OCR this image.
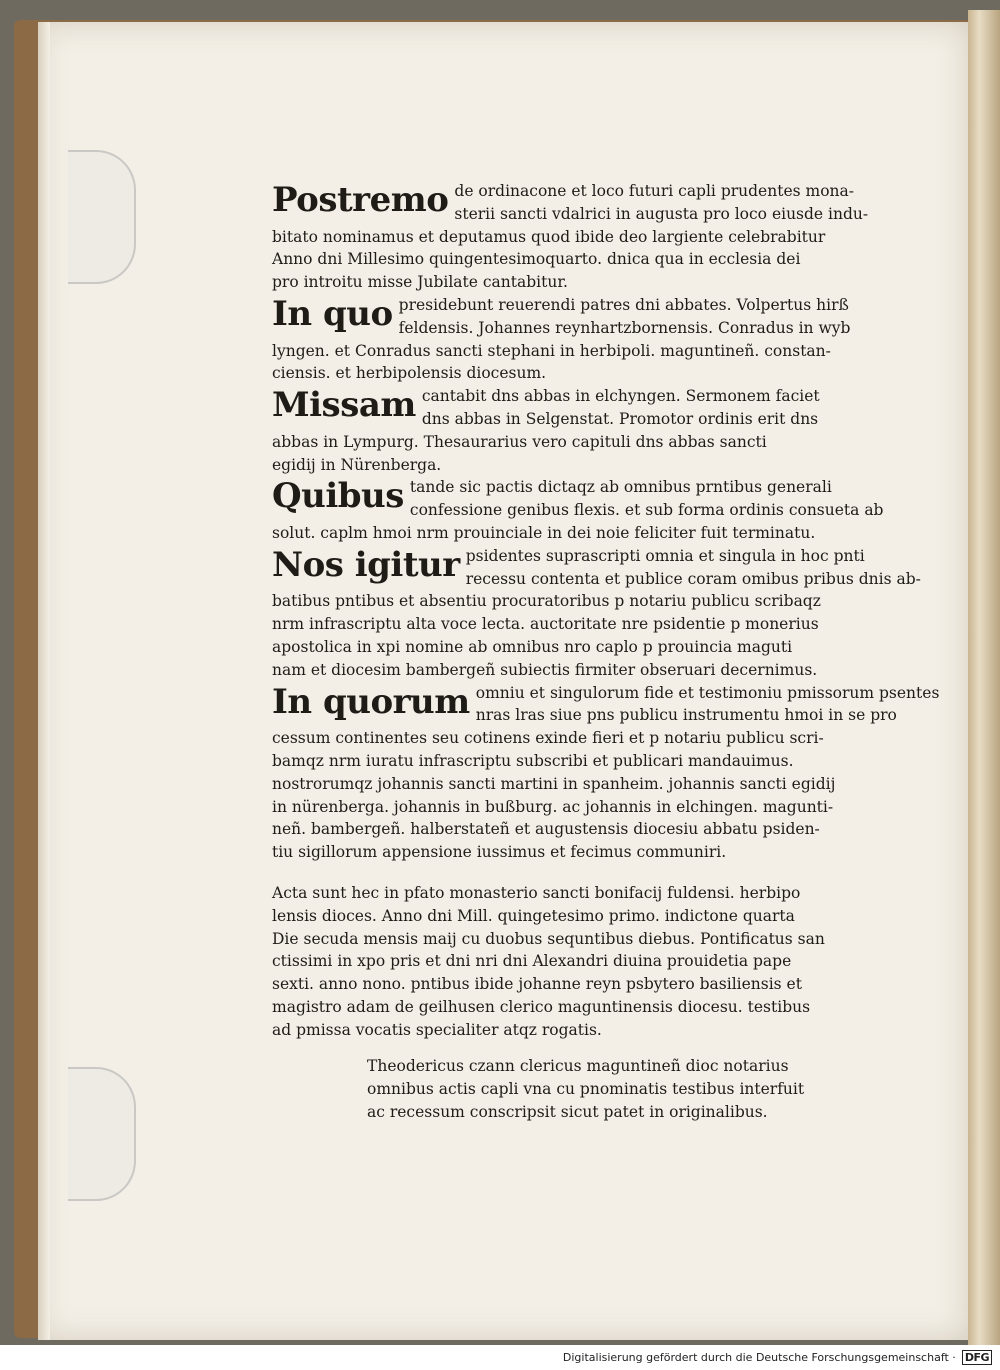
Postremo de ordinacone et loco futuri capli prudentes mona‐
sterii sancti vdalrici in augusta pro loco eiusde indu‐
bitato nominamus et deputamus quod ibide deo largiente celebrabitur
Anno dni Millesimo quingentesimoquarto. dnica qua in ecclesia dei
pro introitu misse Jubilate cantabitur.
In quo presidebunt reuerendi patres dni abbates. Volpertus hirß
feldensis. Johannes reynhartzbornensis. Conradus in wyb
lyngen. et Conradus sancti stephani in herbipoli. maguntineñ. constan‐
ciensis. et herbipolensis diocesum.
Missam cantabit dns abbas in elchyngen. Sermonem faciet
dns abbas in Selgenstat. Promotor ordinis erit dns
abbas in Lympurg. Thesaurarius vero capituli dns abbas sancti
egidij in Nürenberga.
Quibus tande sic pactis dictaqz ab omnibus prntibus generali
confessione genibus flexis. et sub forma ordinis consueta ab
solut. caplm hmoi nrm prouinciale in dei noie feliciter fuit terminatu.
Nos igitur psidentes suprascripti omnia et singula in hoc pnti
recessu contenta et publice coram omibus pribus dnis ab‐
batibus pntibus et absentiu procuratoribus p notariu publicu scribaqz
nrm infrascriptu alta voce lecta. auctoritate nre psidentie p monerius
apostolica in xpi nomine ab omnibus nro caplo p prouincia maguti
nam et diocesim bambergeñ subiectis firmiter obseruari decernimus.
In quorum omniu et singulorum fide et testimoniu pmissorum psentes
nras lras siue pns publicu instrumentu hmoi in se pro
cessum continentes seu cotinens exinde fieri et p notariu publicu scri‐
bamqz nrm iuratu infrascriptu subscribi et publicari mandauimus.
nostrorumqz johannis sancti martini in spanheim. johannis sancti egidij
in nürenberga. johannis in bußburg. ac johannis in elchingen. magunti‐
neñ. bambergeñ. halberstateñ et augustensis diocesiu abbatu psiden‐
tiu sigillorum appensione iussimus et fecimus communiri.
Acta sunt hec in pfato monasterio sancti bonifacij fuldensi. herbipo
lensis dioces. Anno dni Mill. quingetesimo primo. indictone quarta
Die secuda mensis maij cu duobus sequntibus diebus. Pontificatus san
ctissimi in xpo pris et dni nri dni Alexandri diuina prouidetia pape
sexti. anno nono. pntibus ibide johanne reyn psbytero basiliensis et
magistro adam de geilhusen clerico maguntinensis diocesu. testibus
ad pmissa vocatis specialiter atqz rogatis.
Theodericus czann clericus maguntineñ dioc notarius
omnibus actis capli vna cu pnominatis testibus interfuit
ac recessum conscripsit sicut patet in originalibus.
Digitalisierung gefördert durch die Deutsche Forschungsgemeinschaft · DFG
